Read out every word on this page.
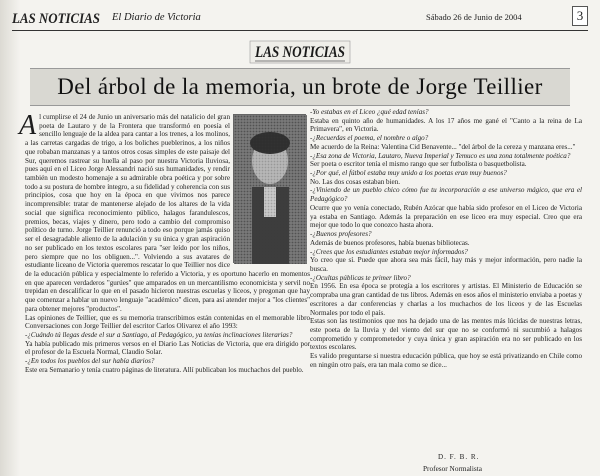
LAS NOTICIAS El Diario de Victoria	Sábado 26 de Junio de 2004	3
LAS NOTICIAS
Del árbol de la memoria, un brote de Jorge Teillier
A l cumplirse el 24 de Junio un aniversario más del natalicio del gran poeta de Lautaro y de la Frontera que transformó en poesía el sencillo lenguaje de la aldea para cantar a los trenes, a los molinos, a las carretas cargadas de trigo, a los boliches pueblerinos, a los niños que robaban manzanas y a tantos otros cosas simples de este paisaje del Sur, queremos rastrear su huella al paso por nuestra Victoria lluviosa, pues aquí en el Liceo Jorge Alessandri nació sus humanidades, y rendir también un modesto homenaje a su admirable obra poética y por sobre todo a su postura de hombre íntegro, a su fidelidad y coherencia con sus principios, cosa que hoy en la época en que vivimos nos parece incomprensible: tratar de mantenerse alejado de los altares de la vida social que significa reconocimiento público, halagos farandulescos, premios, becas, viajes y dinero, pero todo a cambio del compromiso político de turno. Jorge Teillier renunció a todo eso porque jamás quiso ser el desagradable aliento de la adulación y su única y gran aspiración no ser publicado en los textos escolares para "ser leído por los niños, pero siempre que no los obliguen...". Volviendo a sus avatares de estudiante liceano de Victoria queremos rescatar lo que Teillier nos dice de la educación pública y especialmente lo referido a Victoria, y es oportuno hacerlo en momentos en que aparecen verdaderos "gurúes" que amparados en un mercantilismo economicista y servil no trepidan en descalificar lo que en el pasado hicieron nuestras escuelas y liceos, y pregonan que hay que comenzar a hablar un nuevo lenguaje "académico" dicen, para así atender mejor a "los clientes" para obtener mejores "productos".
Las opiniones de Teillier, que es su memoria transcribimos están contenidas en el memorable libro Conversaciones con Jorge Teillier del escritor Carlos Olivarez el año 1993:
-¿Cuándo tú llegas desde el sur a Santiago, al Pedagógico, ya tenías inclinaciones literarias?
Ya había publicado mis primeros versos en el Diario Las Noticias de Victoria, que era dirigido por el profesor de la Escuela Normal, Claudio Solar.
-¿En todos los pueblos del sur había diarios?
Este era Semanario y tenía cuatro páginas de literatura. Allí publicaban los muchachos del pueblo.
-Yo estabas en el Liceo ¿qué edad tenías?
Estaba en quinto año de humanidades. A los 17 años me gané el "Canto a la reina de La Primavera", en Victoria.
-¿Recuerdas el poema, el nombre o algo?
Me acuerdo de la Reina: Valentina Cid Benavente... "del árbol de la cereza y manzana eres..."
-¿Esa zona de Victoria, Lautaro, Nueva Imperial y Temuco es una zona totalmente poética?
Ser poeta o escritor tenía el mismo rango que ser futbolista o basquetbolista.
-¿Por qué, el fútbol estaba muy unido a los poetas eran muy buenos?
No. Las dos cosas estaban bien.
-¿Viniendo de un pueblo chico cómo fue tu incorporación a ese universo mágico, que era el Pedagógico?
Ocurre que yo venía conectado, Rubén Azócar que había sido profesor en el Liceo de Victoria ya estaba en Santiago. Además la preparación en ese liceo era muy especial. Creo que era mejor que todo lo que conozco hasta ahora.
-¿Buenos profesores?
Además de buenos profesores, había buenas bibliotecas.
-¿Crees que los estudiantes estaban mejor informados?
Yo creo que sí. Puede que ahora sea más fácil, hay más y mejor información, pero nadie la busca.
-¿Ocultas públicas te primer libro?
En 1956. En esa época se protegía a los escritores y artistas. El Ministerio de Educación se compraba una gran cantidad de tus libros. Además en esos años el ministerio enviaba a poetas y escritores a dar conferencias y charlas a los muchachos de los liceos y de las Escuelas Normales por todo el país.
Estas son las testimonios que nos ha dejado una de las mentes más lúcidas de nuestras letras, este poeta de la lluvia y del viento del sur que no se conformó ni sucumbió a halagos comprometido y comprometedor y cuya única y gran aspiración era no ser publicado en los textos escolares.
Es valido preguntarse si nuestra educación pública, que hoy se está privatizando en Chile como en ningún otro país, era tan mala como se dice...
D. F. B. R.
Profesor Normalista
